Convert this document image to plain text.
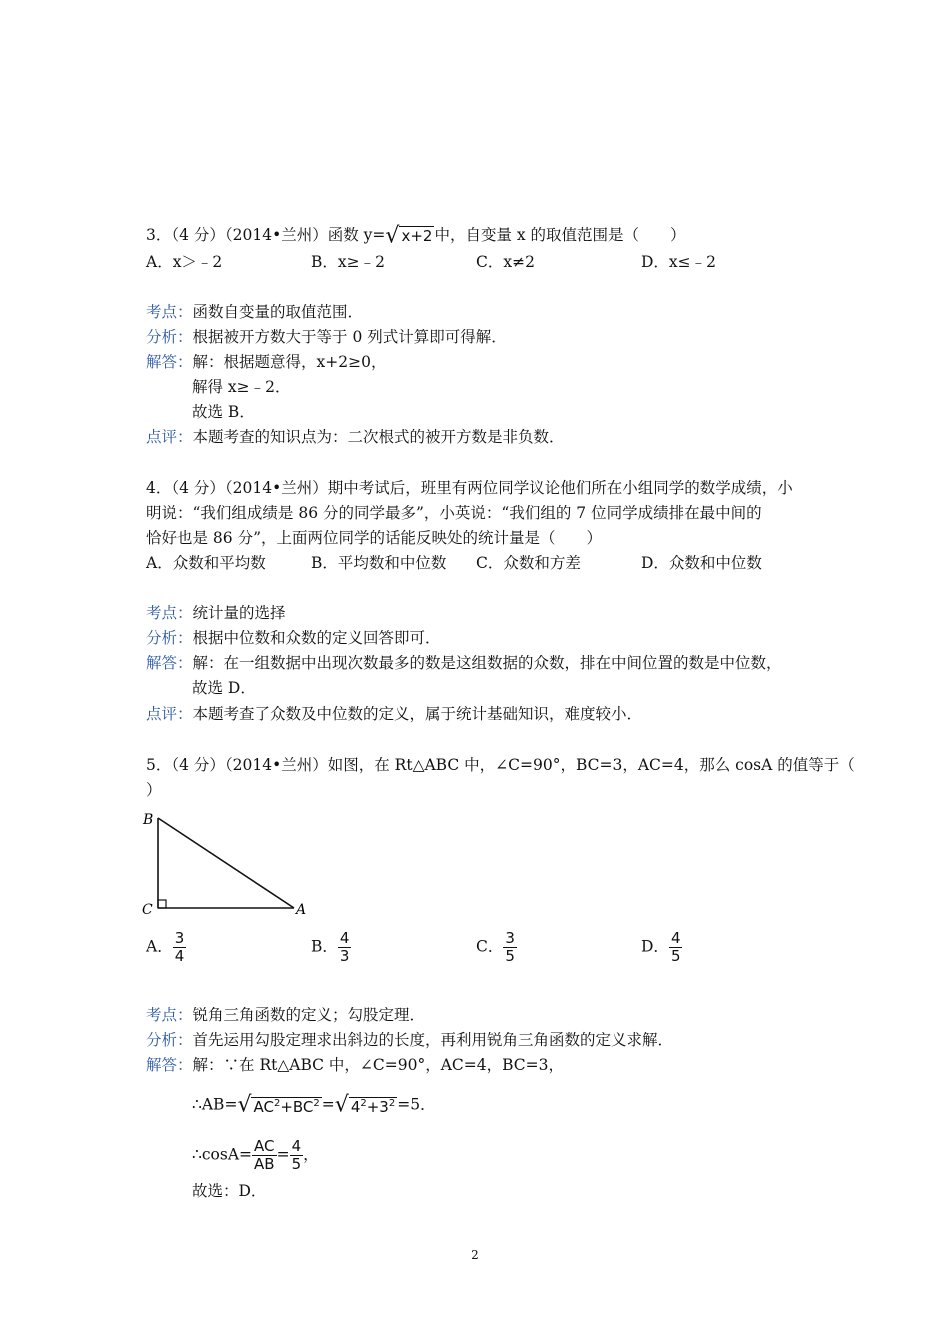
3．（4 分）（2014•兰州）函数 y=√ x+2 中，自变量 x 的取值范围是（　　）
A．x＞﹣2	B．x≥﹣2	C．x≠2	D．x≤﹣2
考点：函数自变量的取值范围．
分析：根据被开方数大于等于 0 列式计算即可得解．
解答：解：根据题意得，x+2≥0，
解得 x≥﹣2．
故选 B．
点评：本题考查的知识点为：二次根式的被开方数是非负数．
4．（4 分）（2014•兰州）期中考试后，班里有两位同学议论他们所在小组同学的数学成绩，小
明说：“我们组成绩是 86 分的同学最多”，小英说：“我们组的 7 位同学成绩排在最中间的
恰好也是 86 分”，上面两位同学的话能反映处的统计量是（　　）
A．众数和平均数	B．平均数和中位数 C．众数和方差	D．众数和中位数
考点：统计量的选择
分析：根据中位数和众数的定义回答即可．
解答：解：在一组数据中出现次数最多的数是这组数据的众数，排在中间位置的数是中位数，
故选 D．
点评：本题考查了众数及中位数的定义，属于统计基础知识，难度较小．
5．（4 分）（2014•兰州）如图，在 Rt△ABC 中，∠C=90°，BC=3，AC=4，那么 cosA 的值等于（
）
B
C	A
A． $\frac{3}{4}$	B． $\frac{4}{3}$	C． $\frac{3}{5}$	D． $\frac{4}{5}$
考点：锐角三角函数的定义；勾股定理．
分析：首先运用勾股定理求出斜边的长度，再利用锐角三角函数的定义求解．
解答：解：∵在 Rt△ABC 中，∠C=90°，AC=4，BC=3，
∴AB=√ $AC^2+BC^2$ =√ $4^2+3^2 =5$．
∴cosA= $\frac{AC}{AB} = \frac{4}{5}$ ，
故选：D．
2
